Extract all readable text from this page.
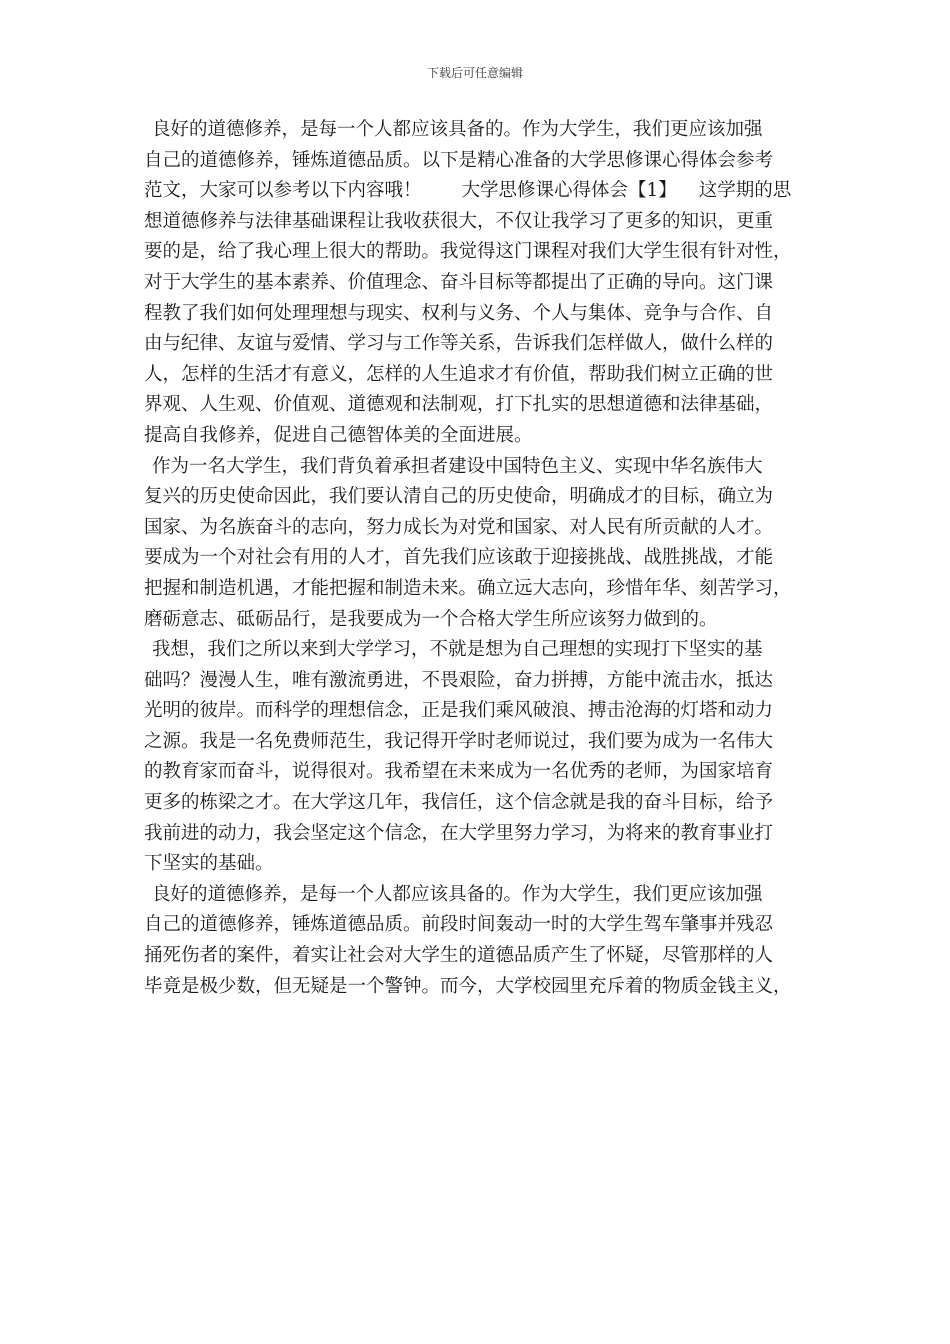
下载后可任意编辑
良好的道德修养，是每一个人都应该具备的。作为大学生，我们更应该加强
自己的道德修养，锤炼道德品质。以下是精心准备的大学思修课心得体会参考
范文，大家可以参考以下内容哦！ 大学思修课心得体会【1】 这学期的思
想道德修养与法律基础课程让我收获很大，不仅让我学习了更多的知识，更重
要的是，给了我心理上很大的帮助。我觉得这门课程对我们大学生很有针对性，
对于大学生的基本素养、价值理念、奋斗目标等都提出了正确的导向。这门课
程教了我们如何处理理想与现实、权利与义务、个人与集体、竞争与合作、自
由与纪律、友谊与爱情、学习与工作等关系，告诉我们怎样做人，做什么样的
人，怎样的生活才有意义，怎样的人生追求才有价值，帮助我们树立正确的世
界观、人生观、价值观、道德观和法制观，打下扎实的思想道德和法律基础，
提高自我修养，促进自己德智体美的全面进展。
作为一名大学生，我们背负着承担者建设中国特色主义、实现中华名族伟大
复兴的历史使命因此，我们要认清自己的历史使命，明确成才的目标，确立为
国家、为名族奋斗的志向，努力成长为对党和国家、对人民有所贡献的人才。
要成为一个对社会有用的人才，首先我们应该敢于迎接挑战、战胜挑战，才能
把握和制造机遇，才能把握和制造未来。确立远大志向，珍惜年华、刻苦学习，
磨砺意志、砥砺品行，是我要成为一个合格大学生所应该努力做到的。
我想，我们之所以来到大学学习，不就是想为自己理想的实现打下坚实的基
础吗？漫漫人生，唯有激流勇进，不畏艰险，奋力拼搏，方能中流击水，抵达
光明的彼岸。而科学的理想信念，正是我们乘风破浪、搏击沧海的灯塔和动力
之源。我是一名免费师范生，我记得开学时老师说过，我们要为成为一名伟大
的教育家而奋斗，说得很对。我希望在未来成为一名优秀的老师，为国家培育
更多的栋梁之才。在大学这几年，我信任，这个信念就是我的奋斗目标，给予
我前进的动力，我会坚定这个信念，在大学里努力学习，为将来的教育事业打
下坚实的基础。
良好的道德修养，是每一个人都应该具备的。作为大学生，我们更应该加强
自己的道德修养，锤炼道德品质。前段时间轰动一时的大学生驾车肇事并残忍
捅死伤者的案件，着实让社会对大学生的道德品质产生了怀疑，尽管那样的人
毕竟是极少数，但无疑是一个警钟。而今，大学校园里充斥着的物质金钱主义，
